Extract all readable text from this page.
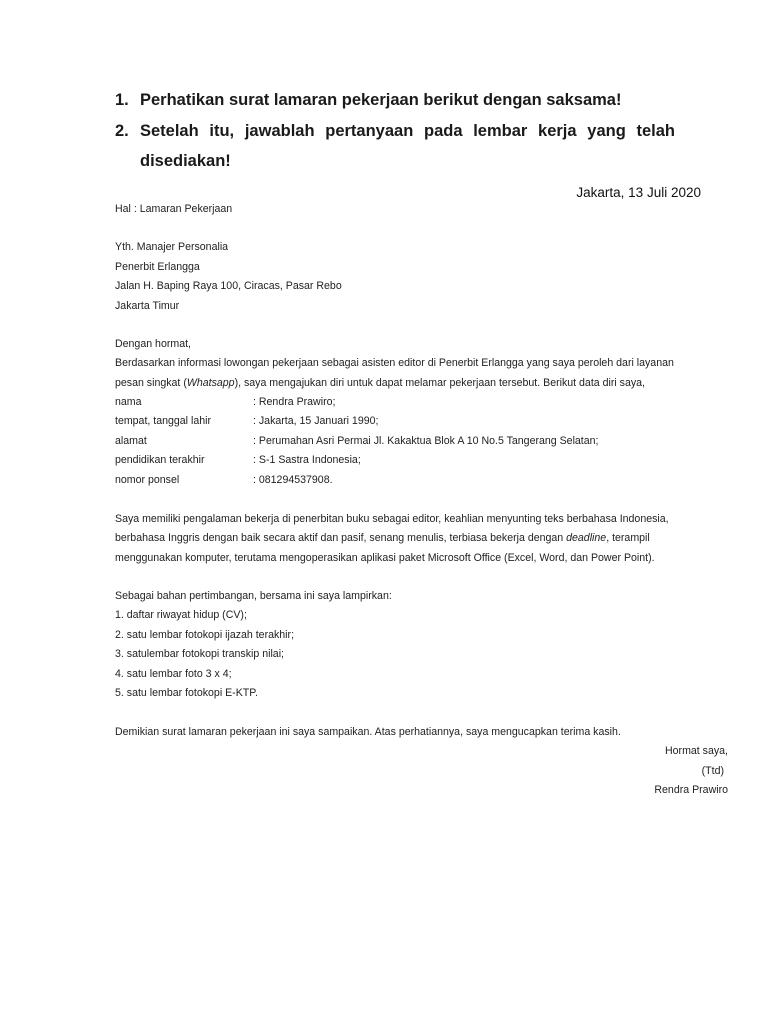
1. Perhatikan surat lamaran pekerjaan berikut dengan saksama!
2. Setelah itu, jawablah pertanyaan pada lembar kerja yang telah disediakan!
Jakarta, 13 Juli 2020
Hal : Lamaran Pekerjaan
Yth. Manajer Personalia
Penerbit Erlangga
Jalan H. Baping Raya 100, Ciracas, Pasar Rebo
Jakarta Timur
Dengan hormat,
Berdasarkan informasi lowongan pekerjaan sebagai asisten editor di Penerbit Erlangga yang saya peroleh dari layanan
pesan singkat (Whatsapp), saya mengajukan diri untuk dapat melamar pekerjaan tersebut. Berikut data diri saya,
nama	: Rendra Prawiro;
tempat, tanggal lahir	: Jakarta, 15 Januari 1990;
alamat	: Perumahan Asri Permai Jl. Kakaktua Blok A 10 No.5 Tangerang Selatan;
pendidikan terakhir	: S-1 Sastra Indonesia;
nomor ponsel	: 081294537908.
Saya memiliki pengalaman bekerja di penerbitan buku sebagai editor, keahlian menyunting teks berbahasa Indonesia,
berbahasa Inggris dengan baik secara aktif dan pasif, senang menulis, terbiasa bekerja dengan deadline, terampil
menggunakan komputer, terutama mengoperasikan aplikasi paket Microsoft Office (Excel, Word, dan Power Point).
Sebagai bahan pertimbangan, bersama ini saya lampirkan:
1. daftar riwayat hidup (CV);
2. satu lembar fotokopi ijazah terakhir;
3. satulembar fotokopi transkip nilai;
4. satu lembar foto 3 x 4;
5. satu lembar fotokopi E-KTP.
Demikian surat lamaran pekerjaan ini saya sampaikan. Atas perhatiannya, saya mengucapkan terima kasih.
Hormat saya,
(Ttd)
Rendra Prawiro
